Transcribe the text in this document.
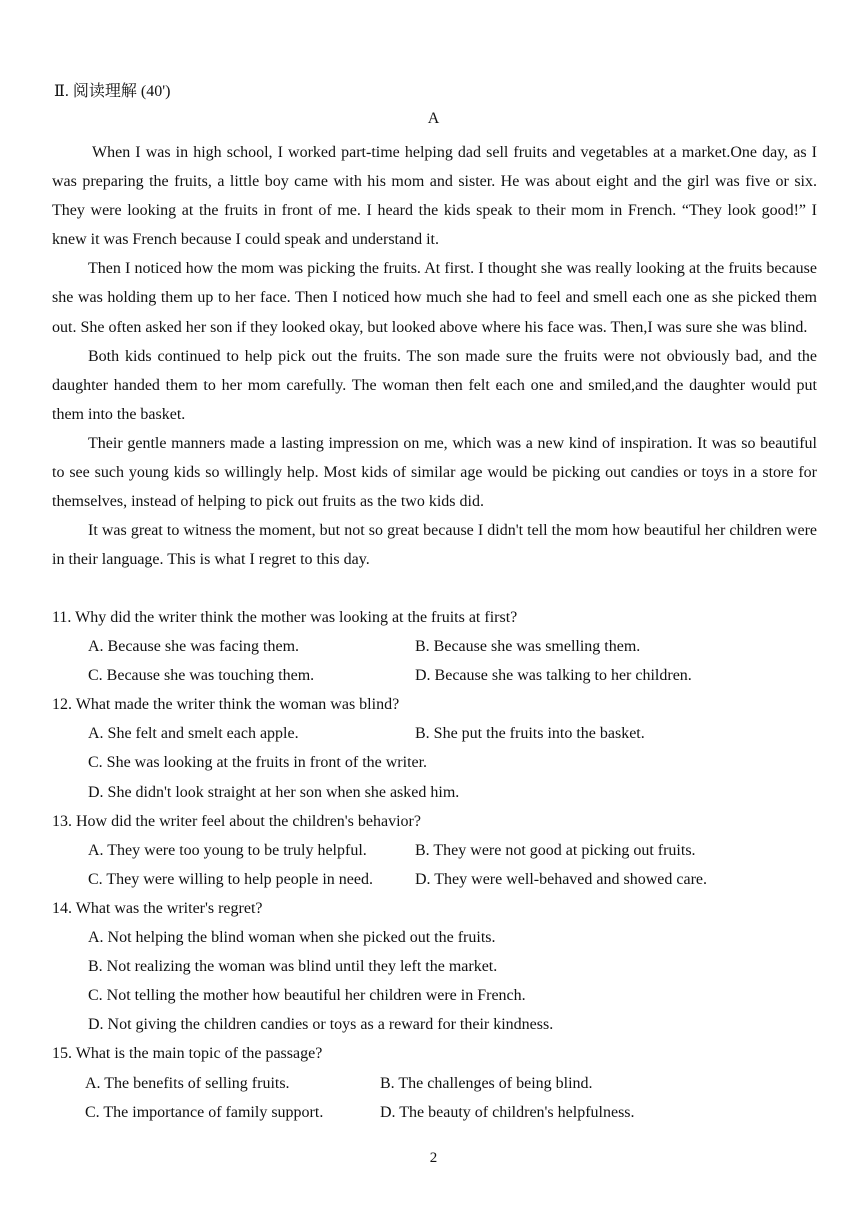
Ⅱ. 阅读理解 (40')
A

When I was in high school, I worked part-time helping dad sell fruits and vegetables at a market.One day, as I was preparing the fruits, a little boy came with his mom and sister. He was about eight and the girl was five or six. They were looking at the fruits in front of me. I heard the kids speak to their mom in French. “They look good!” I knew it was French because I could speak and understand it.

Then I noticed how the mom was picking the fruits. At first. I thought she was really looking at the fruits because she was holding them up to her face. Then I noticed how much she had to feel and smell each one as she picked them out. She often asked her son if they looked okay, but looked above where his face was. Then,I was sure she was blind.

Both kids continued to help pick out the fruits. The son made sure the fruits were not obviously bad, and the daughter handed them to her mom carefully. The woman then felt each one and smiled,and the daughter would put them into the basket.

Their gentle manners made a lasting impression on me, which was a new kind of inspiration. It was so beautiful to see such young kids so willingly help. Most kids of similar age would be picking out candies or toys in a store for themselves, instead of helping to pick out fruits as the two kids did.

It was great to witness the moment, but not so great because I didn't tell the mom how beautiful her children were in their language. This is what I regret to this day.

11. Why did the writer think the mother was looking at the fruits at first?
A. Because she was facing them.	B. Because she was smelling them.
C. Because she was touching them.	D. Because she was talking to her children.
12. What made the writer think the woman was blind?
A. She felt and smelt each apple.	B. She put the fruits into the basket.
C. She was looking at the fruits in front of the writer.
D. She didn't look straight at her son when she asked him.
13. How did the writer feel about the children's behavior?
A. They were too young to be truly helpful.	B. They were not good at picking out fruits.
C. They were willing to help people in need.	D. They were well-behaved and showed care.
14. What was the writer's regret?
A. Not helping the blind woman when she picked out the fruits.
B. Not realizing the woman was blind until they left the market.
C. Not telling the mother how beautiful her children were in French.
D. Not giving the children candies or toys as a reward for their kindness.
15. What is the main topic of the passage?
A. The benefits of selling fruits.	B. The challenges of being blind.
C. The importance of family support.	D. The beauty of children's helpfulness.
2
